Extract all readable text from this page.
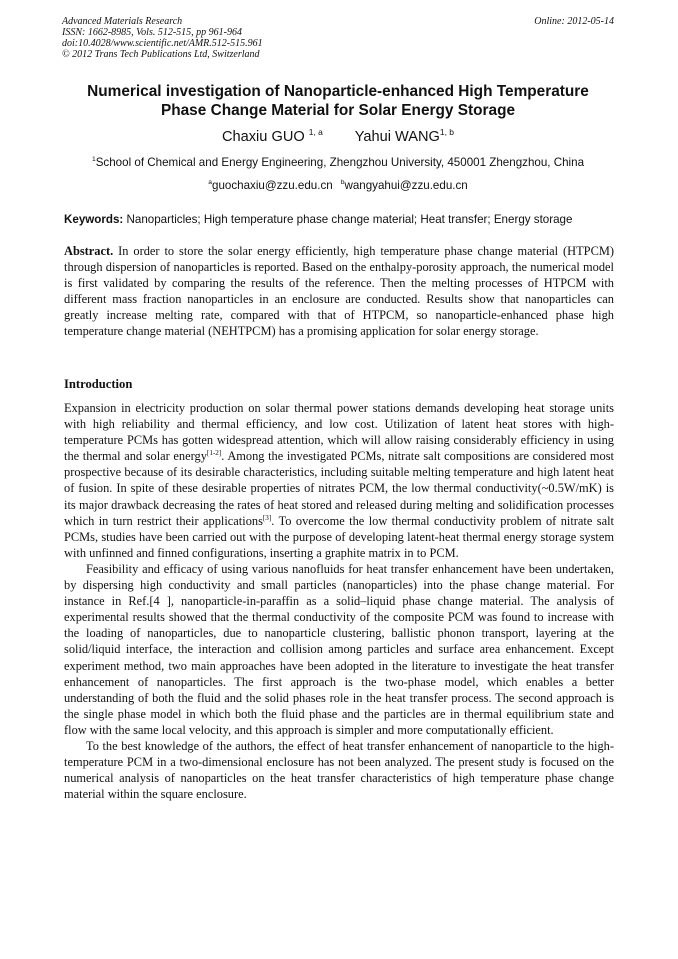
Advanced Materials Research
ISSN: 1662-8985, Vols. 512-515, pp 961-964
doi:10.4028/www.scientific.net/AMR.512-515.961
© 2012 Trans Tech Publications Ltd, Switzerland
Online: 2012-05-14
Numerical investigation of Nanoparticle-enhanced High Temperature
Phase Change Material for Solar Energy Storage
Chaxiu GUO $^{1, a}$ Yahui WANG$^{1, b}$
$^1$School of Chemical and Energy Engineering, Zhengzhou University, 450001 Zhengzhou, China
$^a$guochaxiu@zzu.edu.cn $^b$wangyahui@zzu.edu.cn
Keywords: Nanoparticles; High temperature phase change material; Heat transfer; Energy storage
Abstract. In order to store the solar energy efficiently, high temperature phase change material (HTPCM) through dispersion of nanoparticles is reported. Based on the enthalpy-porosity approach, the numerical model is first validated by comparing the results of the reference. Then the melting processes of HTPCM with different mass fraction nanoparticles in an enclosure are conducted. Results show that nanoparticles can greatly increase melting rate, compared with that of HTPCM, so nanoparticle-enhanced phase high temperature change material (NEHTPCM) has a promising application for solar energy storage.
Introduction

Expansion in electricity production on solar thermal power stations demands developing heat storage units with high reliability and thermal efficiency, and low cost. Utilization of latent heat stores with high-temperature PCMs has gotten widespread attention, which will allow raising considerably efficiency in using the thermal and solar energy[1-2]. Among the investigated PCMs, nitrate salt compositions are considered most prospective because of its desirable characteristics, including suitable melting temperature and high latent heat of fusion. In spite of these desirable properties of nitrates PCM, the low thermal conductivity(~0.5W/mK) is its major drawback decreasing the rates of heat stored and released during melting and solidification processes which in turn restrict their applications[3]. To overcome the low thermal conductivity problem of nitrate salt PCMs, studies have been carried out with the purpose of developing latent-heat thermal energy storage system with unfinned and finned configurations, inserting a graphite matrix in to PCM.

Feasibility and efficacy of using various nanofluids for heat transfer enhancement have been undertaken, by dispersing high conductivity and small particles (nanoparticles) into the phase change material. For instance in Ref.[4 ], nanoparticle-in-paraffin as a solid–liquid phase change material. The analysis of experimental results showed that the thermal conductivity of the composite PCM was found to increase with the loading of nanoparticles, due to nanoparticle clustering, ballistic phonon transport, layering at the solid/liquid interface, the interaction and collision among particles and surface area enhancement. Except experiment method, two main approaches have been adopted in the literature to investigate the heat transfer enhancement of nanoparticles. The first approach is the two-phase model, which enables a better understanding of both the fluid and the solid phases role in the heat transfer process. The second approach is the single phase model in which both the fluid phase and the particles are in thermal equilibrium state and flow with the same local velocity, and this approach is simpler and more computationally efficient.

To the best knowledge of the authors, the effect of heat transfer enhancement of nanoparticle to the high-temperature PCM in a two-dimensional enclosure has not been analyzed. The present study is focused on the numerical analysis of nanoparticles on the heat transfer characteristics of high temperature phase change material within the square enclosure.
